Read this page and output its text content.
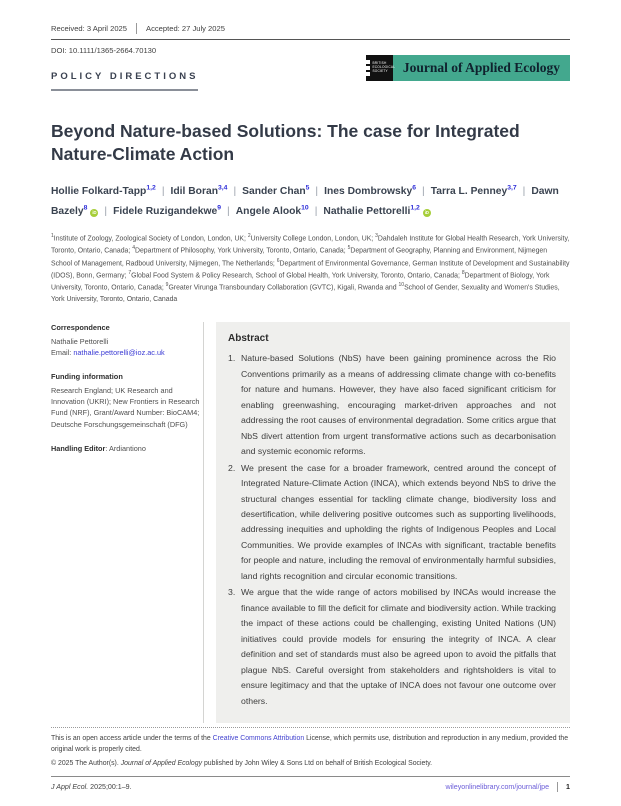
Received: 3 April 2025	Accepted: 27 July 2025
DOI: 10.1111/1365-2664.70130
BRITISH
ECOLOGICAL
SOCIETY	Journal of Applied Ecology
POLICY DIRECTIONS
Beyond Nature-based Solutions: The case for Integrated Nature-Climate Action
Hollie Folkard-Tapp$^{1,2}$ | Idil Boran$^{3,4}$ | Sander Chan$^5$ | Ines Dombrowsky$^6$ | Tarra L. Penney$^{3,7}$ | Dawn Bazely$^8$iD | Fidele Ruzigandekwe$^9$ | Angele Alook$^{10}$ | Nathalie Pettorelli$^{1,2}$iD
$^1$Institute of Zoology, Zoological Society of London, London, UK; $^2$University College London, London, UK; $^3$Dahdaleh Institute for Global Health Research, York University, Toronto, Ontario, Canada; $^4$Department of Philosophy, York University, Toronto, Ontario, Canada; $^5$Department of Geography, Planning and Environment, Nijmegen School of Management, Radboud University, Nijmegen, The Netherlands; $^6$Department of Environmental Governance, German Institute of Development and Sustainability (IDOS), Bonn, Germany; $^7$Global Food System & Policy Research, School of Global Health, York University, Toronto, Ontario, Canada; $^8$Department of Biology, York University, Toronto, Ontario, Canada; $^9$Greater Virunga Transboundary Collaboration (GVTC), Kigali, Rwanda and $^{10}$School of Gender, Sexuality and Women's Studies, York University, Toronto, Ontario, Canada
Correspondence
Nathalie Pettorelli
Email: nathalie.pettorelli@ioz.ac.uk
Funding information
Research England; UK Research and Innovation (UKRI); New Frontiers in Research Fund (NRF), Grant/Award Number: BioCAM4; Deutsche Forschungsgemeinschaft (DFG)
Handling Editor: Ardiantiono
Abstract
1. Nature-based Solutions (NbS) have been gaining prominence across the Rio Conventions primarily as a means of addressing climate change with co-benefits for nature and humans. However, they have also faced significant criticism for enabling greenwashing, encouraging market-driven approaches and not addressing the root causes of environmental degradation. Some critics argue that NbS divert attention from urgent transformative actions such as decarbonisation and systemic economic reforms.
2. We present the case for a broader framework, centred around the concept of Integrated Nature-Climate Action (INCA), which extends beyond NbS to drive the structural changes essential for tackling climate change, biodiversity loss and desertification, while delivering positive outcomes such as supporting livelihoods, addressing inequities and upholding the rights of Indigenous Peoples and Local Communities. We provide examples of INCAs with significant, tractable benefits for people and nature, including the removal of environmentally harmful subsidies, land rights recognition and circular economic transitions.
3. We argue that the wide range of actors mobilised by INCAs would increase the finance available to fill the deficit for climate and biodiversity action. While tracking the impact of these actions could be challenging, existing United Nations (UN) initiatives could provide models for ensuring the integrity of INCA. A clear definition and set of standards must also be agreed upon to avoid the pitfalls that plague NbS. Careful oversight from stakeholders and rightsholders is vital to ensure legitimacy and that the uptake of INCA does not favour one outcome over others.
This is an open access article under the terms of the Creative Commons Attribution License, which permits use, distribution and reproduction in any medium, provided the original work is properly cited.
© 2025 The Author(s). Journal of Applied Ecology published by John Wiley & Sons Ltd on behalf of British Ecological Society.
J Appl Ecol. 2025;00:1–9.	wileyonlinelibrary.com/journal/jpe 1
